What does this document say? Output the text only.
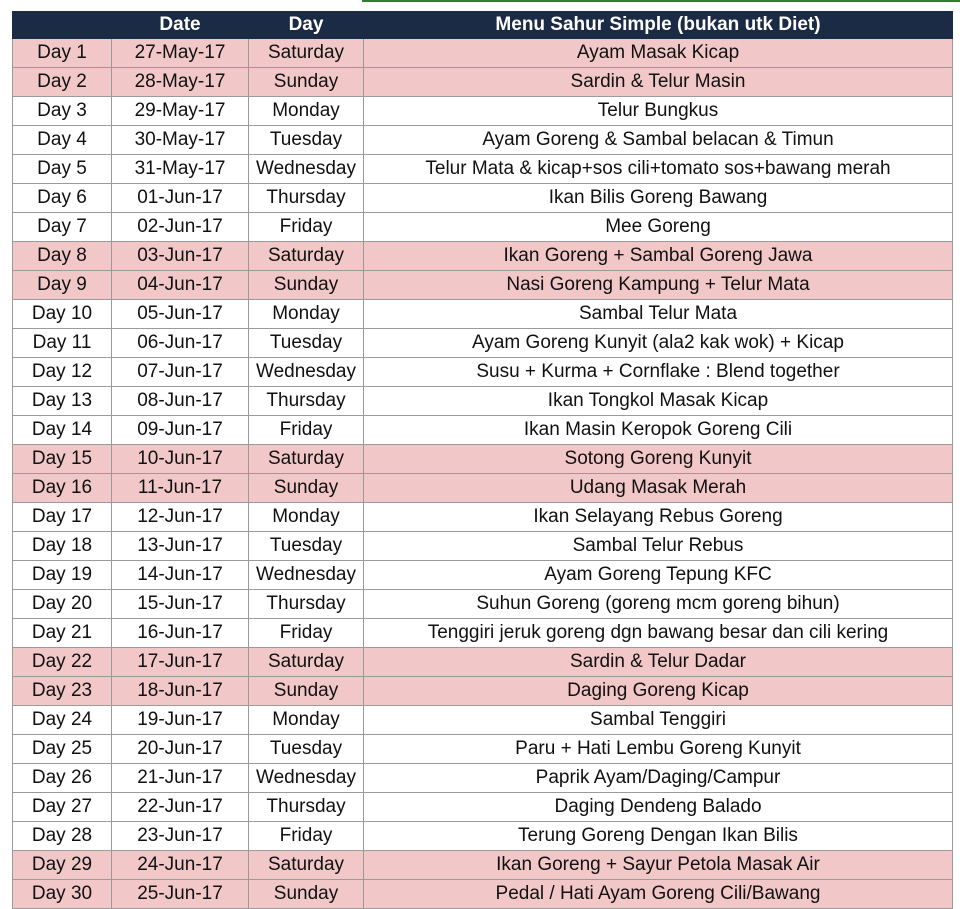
	Date	Day	Menu Sahur Simple (bukan utk Diet)
Day 1	27-May-17	Saturday	Ayam Masak Kicap
Day 2	28-May-17	Sunday	Sardin & Telur Masin
Day 3	29-May-17	Monday	Telur Bungkus
Day 4	30-May-17	Tuesday	Ayam Goreng & Sambal belacan & Timun
Day 5	31-May-17	Wednesday	Telur Mata & kicap+sos cili+tomato sos+bawang merah
Day 6	01-Jun-17	Thursday	Ikan Bilis Goreng Bawang
Day 7	02-Jun-17	Friday	Mee Goreng
Day 8	03-Jun-17	Saturday	Ikan Goreng + Sambal Goreng Jawa
Day 9	04-Jun-17	Sunday	Nasi Goreng Kampung + Telur Mata
Day 10	05-Jun-17	Monday	Sambal Telur Mata
Day 11	06-Jun-17	Tuesday	Ayam Goreng Kunyit (ala2 kak wok) + Kicap
Day 12	07-Jun-17	Wednesday	Susu + Kurma + Cornflake : Blend together
Day 13	08-Jun-17	Thursday	Ikan Tongkol Masak Kicap
Day 14	09-Jun-17	Friday	Ikan Masin Keropok Goreng Cili
Day 15	10-Jun-17	Saturday	Sotong Goreng Kunyit
Day 16	11-Jun-17	Sunday	Udang Masak Merah
Day 17	12-Jun-17	Monday	Ikan Selayang Rebus Goreng
Day 18	13-Jun-17	Tuesday	Sambal Telur Rebus
Day 19	14-Jun-17	Wednesday	Ayam Goreng Tepung KFC
Day 20	15-Jun-17	Thursday	Suhun Goreng (goreng mcm goreng bihun)
Day 21	16-Jun-17	Friday	Tenggiri jeruk goreng dgn bawang besar dan cili kering
Day 22	17-Jun-17	Saturday	Sardin & Telur Dadar
Day 23	18-Jun-17	Sunday	Daging Goreng Kicap
Day 24	19-Jun-17	Monday	Sambal Tenggiri
Day 25	20-Jun-17	Tuesday	Paru + Hati Lembu Goreng Kunyit
Day 26	21-Jun-17	Wednesday	Paprik Ayam/Daging/Campur
Day 27	22-Jun-17	Thursday	Daging Dendeng Balado
Day 28	23-Jun-17	Friday	Terung Goreng Dengan Ikan Bilis
Day 29	24-Jun-17	Saturday	Ikan Goreng + Sayur Petola Masak Air
Day 30	25-Jun-17	Sunday	Pedal / Hati Ayam Goreng Cili/Bawang
